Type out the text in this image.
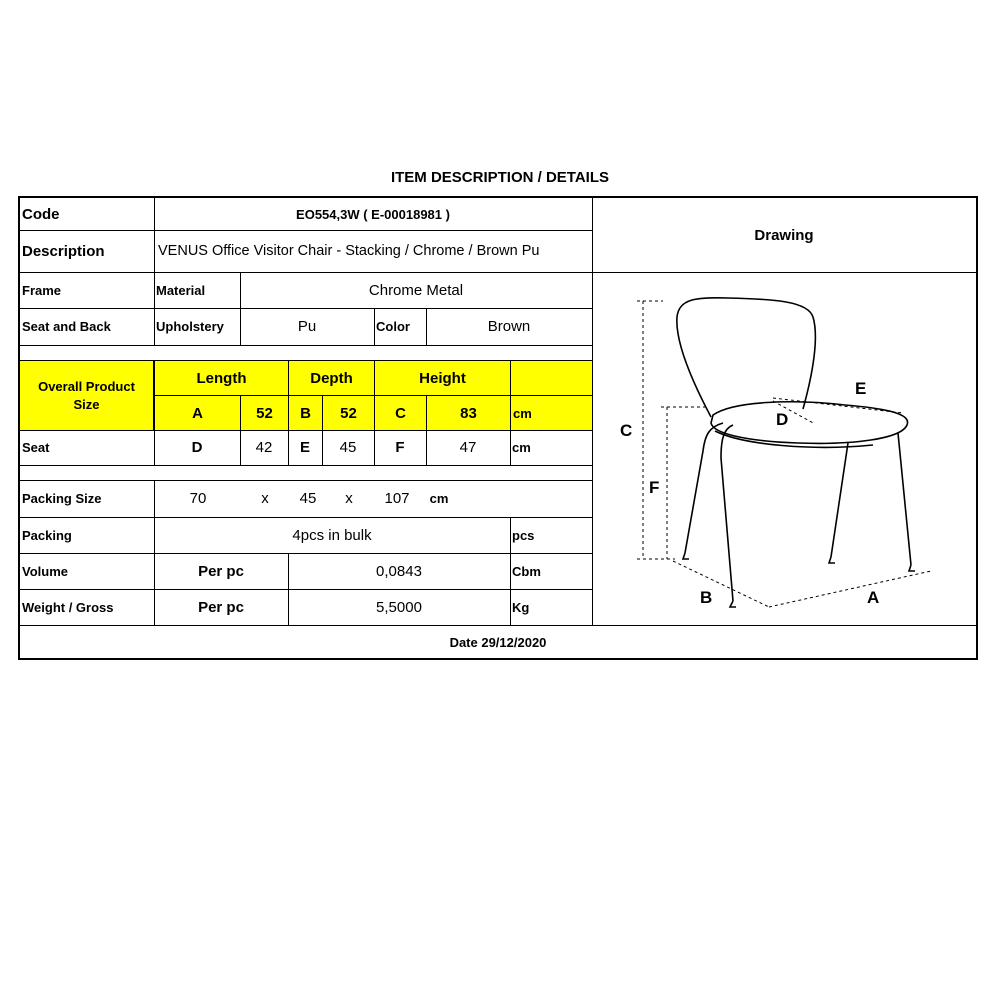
ITEM DESCRIPTION / DETAILS
Code	EO554,3W ( E-00018981 )
Description	VENUS Office Visitor Chair - Stacking / Chrome / Brown Pu
Drawing
Frame	Material	Chrome Metal
Seat and Back	Upholstery	Pu	Color	Brown
Overall Product Size
Length	Depth	Height
A	52	B	52	C	83	cm
Seat	D	42	E	45	F	47	cm
Packing Size	70	x	45	x	107	cm
Packing	4pcs in bulk	pcs
Volume	Per pc	0,0843	Cbm
Weight / Gross	Per pc	5,5000	Kg
Date 29/12/2020
E
D
C
F
B	A
